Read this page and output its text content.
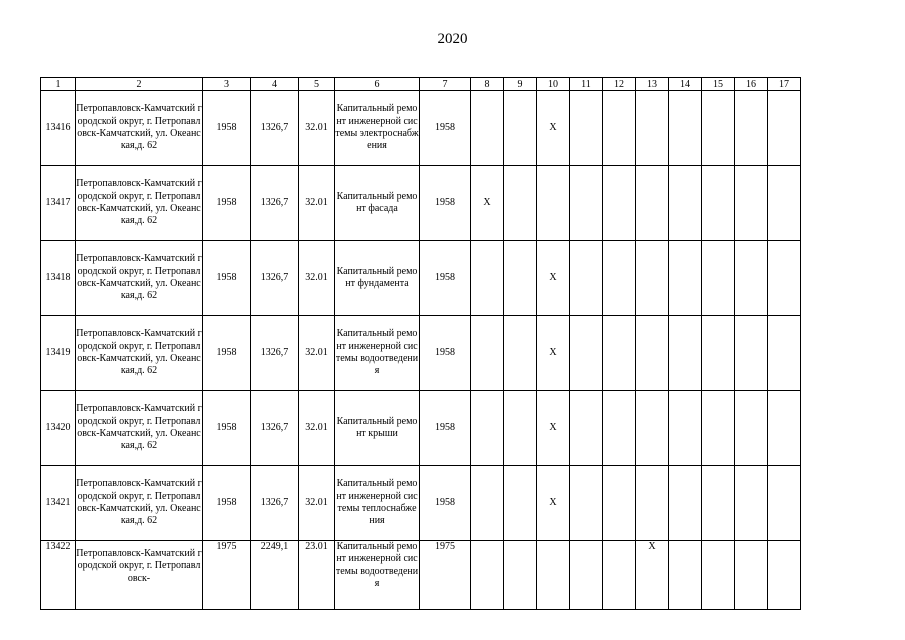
2020
1	2	3	4	5	6	7	8	9	10	11	12	13	14	15	16	17
13416	Петропавловск-Камчатский городской округ, г. Петропавловск-Камчатский, ул. Океанская,д. 62	1958	1326,7	32.01	Капитальный ремонт инженерной системы электроснабжения	1958			X							
13417	Петропавловск-Камчатский городской округ, г. Петропавловск-Камчатский, ул. Океанская,д. 62	1958	1326,7	32.01	Капитальный ремонт фасада	1958	X									
13418	Петропавловск-Камчатский городской округ, г. Петропавловск-Камчатский, ул. Океанская,д. 62	1958	1326,7	32.01	Капитальный ремонт фундамента	1958			X							
13419	Петропавловск-Камчатский городской округ, г. Петропавловск-Камчатский, ул. Океанская,д. 62	1958	1326,7	32.01	Капитальный ремонт инженерной системы водоотведения	1958			X							
13420	Петропавловск-Камчатский городской округ, г. Петропавловск-Камчатский, ул. Океанская,д. 62	1958	1326,7	32.01	Капитальный ремонт крыши	1958			X							
13421	Петропавловск-Камчатский городской округ, г. Петропавловск-Камчатский, ул. Океанская,д. 62	1958	1326,7	32.01	Капитальный ремонт инженерной системы теплоснабжения	1958			X							
13422	Петропавловск-Камчатский городской округ, г. Петропавловск-	1975	2249,1	23.01	Капитальный ремонт инженерной системы водоотведения	1975						X				
